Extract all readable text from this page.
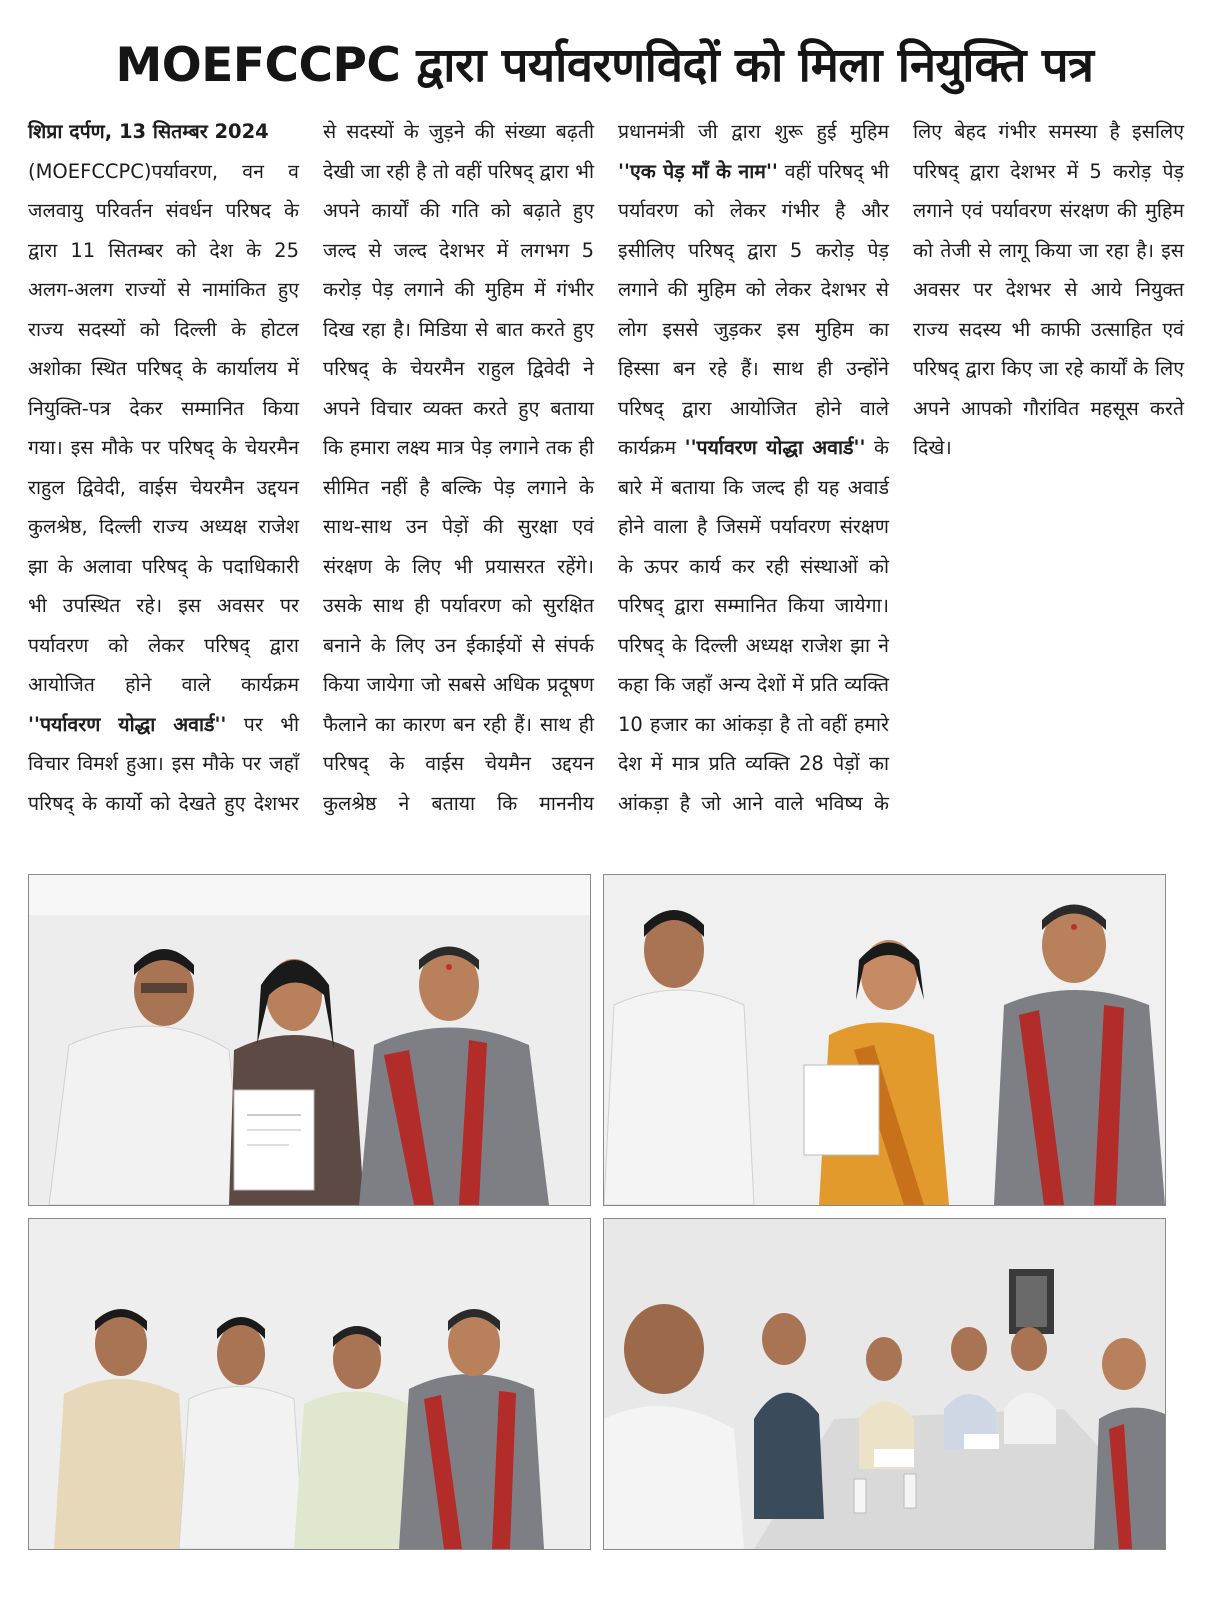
MOEFCCPC द्वारा पर्यावरणविदों को मिला नियुक्ति पत्र

शिप्रा दर्पण, 13 सितम्बर 2024
(MOEFCCPC)पर्यावरण, वन व जलवायु परिवर्तन संवर्धन परिषद के द्वारा 11 सितम्बर को देश के 25 अलग-अलग राज्यों से नामांकित हुए राज्य सदस्यों को दिल्ली के होटल अशोका स्थित परिषद् के कार्यालय में नियुक्ति-पत्र देकर सम्मानित किया गया। इस मौके पर परिषद् के चेयरमैन राहुल द्विवेदी, वाईस चेयरमैन उद्दयन कुलश्रेष्ठ, दिल्ली राज्य अध्यक्ष राजेश झा के अलावा परिषद् के पदाधिकारी भी उपस्थित रहे। इस अवसर पर पर्यावरण को लेकर परिषद् द्वारा आयोजित होने वाले कार्यक्रम ''पर्यावरण योद्धा अवार्ड'' पर भी विचार विमर्श हुआ। इस मौके पर जहाँ परिषद् के कार्यो को देखते हुए देशभर से सदस्यों के जुड़ने की संख्या बढ़ती देखी जा रही है तो वहीं परिषद् द्वारा भी अपने कार्यों की गति को बढ़ाते हुए जल्द से जल्द देशभर में लगभग 5 करोड़ पेड़ लगाने की मुहिम में गंभीर दिख रहा है। मिडिया से बात करते हुए परिषद् के चेयरमैन राहुल द्विवेदी ने अपने विचार व्यक्त करते हुए बताया कि हमारा लक्ष्य मात्र पेड़ लगाने तक ही सीमित नहीं है बल्कि पेड़ लगाने के साथ-साथ उन पेड़ों की सुरक्षा एवं संरक्षण के लिए भी प्रयासरत रहेंगे। उसके साथ ही पर्यावरण को सुरक्षित बनाने के लिए उन ईकाईयों से संपर्क किया जायेगा जो सबसे अधिक प्रदूषण फैलाने का कारण बन रही हैं। साथ ही परिषद् के वाईस चेयमैन उद्दयन कुलश्रेष्ठ ने बताया कि माननीय प्रधानमंत्री जी द्वारा शुरू हुई मुहिम ''एक पेड़ माँ के नाम'' वहीं परिषद् भी पर्यावरण को लेकर गंभीर है और इसीलिए परिषद् द्वारा 5 करोड़ पेड़ लगाने की मुहिम को लेकर देशभर से लोग इससे जुड़कर इस मुहिम का हिस्सा बन रहे हैं। साथ ही उन्होंने परिषद् द्वारा आयोजित होने वाले कार्यक्रम ''पर्यावरण योद्धा अवार्ड'' के बारे में बताया कि जल्द ही यह अवार्ड होने वाला है जिसमें पर्यावरण संरक्षण के ऊपर कार्य कर रही संस्थाओं को परिषद् द्वारा सम्मानित किया जायेगा। परिषद् के दिल्ली अध्यक्ष राजेश झा ने कहा कि जहाँ अन्य देशों में प्रति व्यक्ति 10 हजार का आंकड़ा है तो वहीं हमारे देश में मात्र प्रति व्यक्ति 28 पेड़ों का आंकड़ा है जो आने वाले भविष्य के लिए बेहद गंभीर समस्या है इसलिए परिषद् द्वारा देशभर में 5 करोड़ पेड़ लगाने एवं पर्यावरण संरक्षण की मुहिम को तेजी से लागू किया जा रहा है। इस अवसर पर देशभर से आये नियुक्त राज्य सदस्य भी काफी उत्साहित एवं परिषद् द्वारा किए जा रहे कार्यों के लिए अपने आपको गौरांवित महसूस करते दिखे।
